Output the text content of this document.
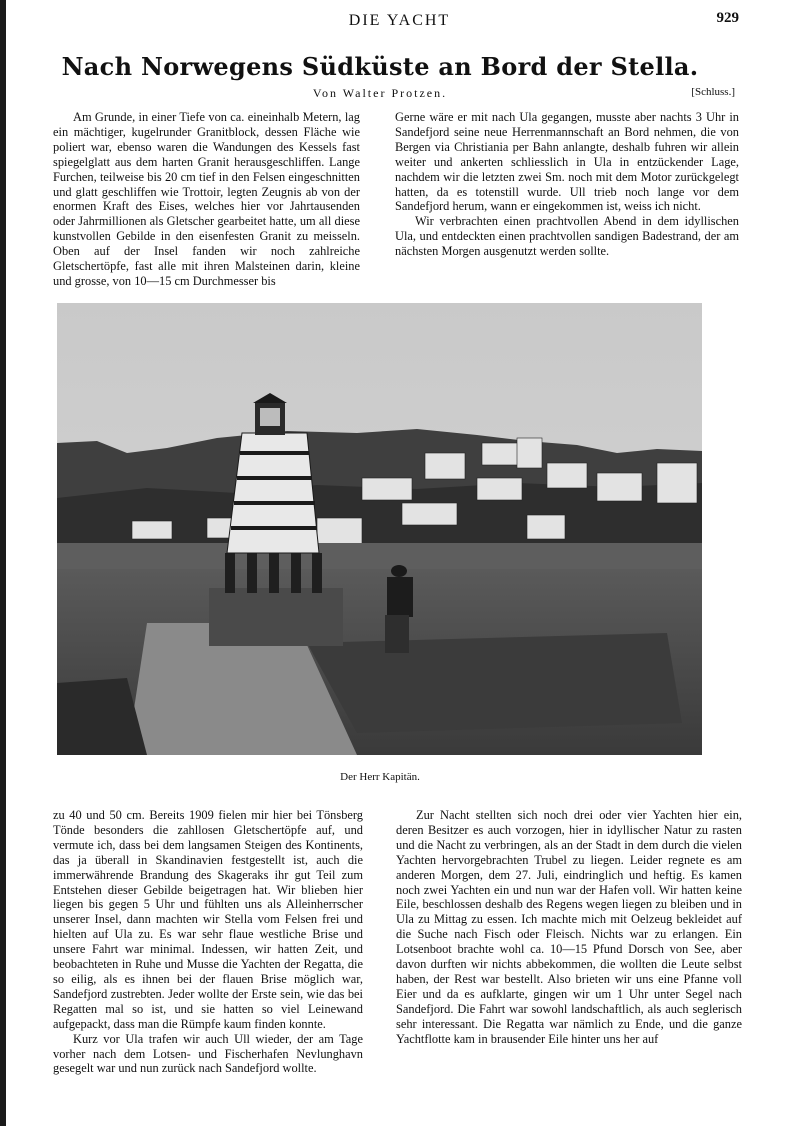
DIE YACHT	929
Nach Norwegens Südküste an Bord der Stella.
Von Walter Protzen.	[Schluss.]

Am Grunde, in einer Tiefe von ca. eineinhalb Metern, lag ein mächtiger, kugelrunder Granitblock, dessen Fläche wie poliert war, ebenso waren die Wandungen des Kessels fast spiegelglatt aus dem harten Granit herausgeschliffen. Lange Furchen, teilweise bis 20 cm tief in den Felsen eingeschnitten und glatt geschliffen wie Trottoir, legten Zeugnis ab von der enormen Kraft des Eises, welches hier vor Jahrtausenden oder Jahrmillionen als Gletscher gearbeitet hatte, um all diese kunstvollen Gebilde in den eisenfesten Granit zu meisseln. Oben auf der Insel fanden wir noch zahlreiche Gletschertöpfe, fast alle mit ihren Malsteinen darin, kleine und grosse, von 10—15 cm Durchmesser bis

Gerne wäre er mit nach Ula gegangen, musste aber nachts 3 Uhr in Sandefjord seine neue Herrenmannschaft an Bord nehmen, die von Bergen via Christiania per Bahn anlangte, deshalb fuhren wir allein weiter und ankerten schliesslich in Ula in entzückender Lage, nachdem wir die letzten zwei Sm. noch mit dem Motor zurückgelegt hatten, da es totenstill wurde. Ull trieb noch lange vor dem Sandefjord herum, wann er eingekommen ist, weiss ich nicht.

Wir verbrachten einen prachtvollen Abend in dem idyllischen Ula, und entdeckten einen prachtvollen sandigen Badestrand, der am nächsten Morgen ausgenutzt werden sollte.

Der Herr Kapitän.

zu 40 und 50 cm. Bereits 1909 fielen mir hier bei Tönsberg Tönde besonders die zahllosen Gletschertöpfe auf, und vermute ich, dass bei dem langsamen Steigen des Kontinents, das ja überall in Skandinavien festgestellt ist, auch die immerwährende Brandung des Skageraks ihr gut Teil zum Entstehen dieser Gebilde beigetragen hat. Wir blieben hier liegen bis gegen 5 Uhr und fühlten uns als Alleinherrscher unserer Insel, dann machten wir Stella vom Felsen frei und hielten auf Ula zu. Es war sehr flaue westliche Brise und unsere Fahrt war minimal. Indessen, wir hatten Zeit, und beobachteten in Ruhe und Musse die Yachten der Regatta, die so eilig, als es ihnen bei der flauen Brise möglich war, Sandefjord zustrebten. Jeder wollte der Erste sein, wie das bei Regatten mal so ist, und sie hatten so viel Leinewand aufgepackt, dass man die Rümpfe kaum finden konnte.

Kurz vor Ula trafen wir auch Ull wieder, der am Tage vorher nach dem Lotsen- und Fischerhafen Nevlunghavn gesegelt war und nun zurück nach Sandefjord wollte.

Zur Nacht stellten sich noch drei oder vier Yachten hier ein, deren Besitzer es auch vorzogen, hier in idyllischer Natur zu rasten und die Nacht zu verbringen, als an der Stadt in dem durch die vielen Yachten hervorgebrachten Trubel zu liegen. Leider regnete es am anderen Morgen, dem 27. Juli, eindringlich und heftig. Es kamen noch zwei Yachten ein und nun war der Hafen voll. Wir hatten keine Eile, beschlossen deshalb des Regens wegen liegen zu bleiben und in Ula zu Mittag zu essen. Ich machte mich mit Oelzeug bekleidet auf die Suche nach Fisch oder Fleisch. Nichts war zu erlangen. Ein Lotsenboot brachte wohl ca. 10—15 Pfund Dorsch von See, aber davon durften wir nichts abbekommen, die wollten die Leute selbst haben, der Rest war bestellt. Also brieten wir uns eine Pfanne voll Eier und da es aufklarte, gingen wir um 1 Uhr unter Segel nach Sandefjord. Die Fahrt war sowohl landschaftlich, als auch seglerisch sehr interessant. Die Regatta war nämlich zu Ende, und die ganze Yachtflotte kam in brausender Eile hinter uns her auf
